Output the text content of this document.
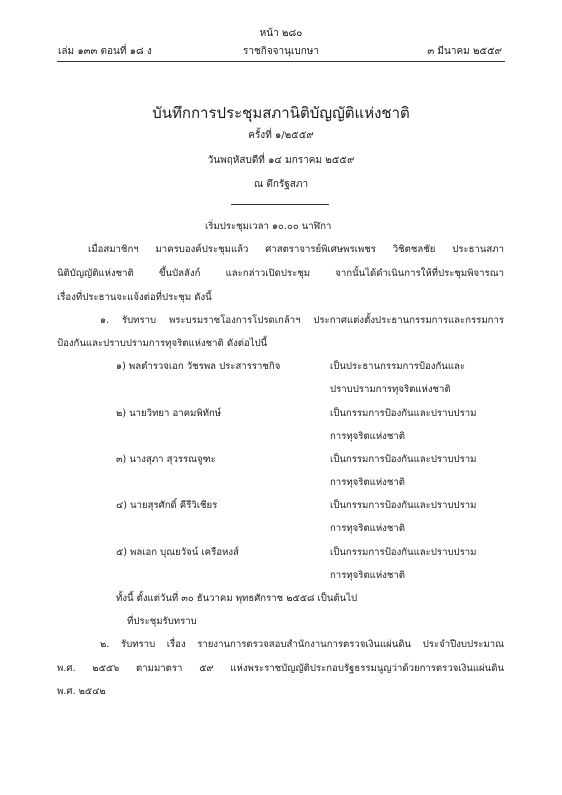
หน้า ๒๘๐
เล่ม ๑๓๓ ตอนที่ ๑๘ ง	ราชกิจจานุเบกษา	๓ มีนาคม ๒๕๕๙
บันทึกการประชุมสภานิติบัญญัติแห่งชาติ
ครั้งที่ ๑/๒๕๕๙
วันพฤหัสบดีที่ ๑๔ มกราคม ๒๕๕๙
ณ ตึกรัฐสภา
เริ่มประชุมเวลา ๑๐.๐๐ นาฬิกา
เมื่อสมาชิกฯ มาครบองค์ประชุมแล้ว ศาสตราจารย์พิเศษพรเพชร วิชิตชลชัย ประธานสภา
นิติบัญญัติแห่งชาติ ขึ้นบัลลังก์ และกล่าวเปิดประชุม จากนั้นได้ดำเนินการให้ที่ประชุมพิจารณา
เรื่องที่ประธานจะแจ้งต่อที่ประชุม ดังนี้
๑. รับทราบ พระบรมราชโองการโปรดเกล้าฯ ประกาศแต่งตั้งประธานกรรมการและกรรมการ
ป้องกันและปราบปรามการทุจริตแห่งชาติ ดังต่อไปนี้
๑) พลตำรวจเอก วัชรพล ประสารราชกิจ	เป็นประธานกรรมการป้องกันและ
ปราบปรามการทุจริตแห่งชาติ
๒) นายวิทยา อาคมพิทักษ์	เป็นกรรมการป้องกันและปราบปราม
การทุจริตแห่งชาติ
๓) นางสุภา สุวรรณจูฑะ	เป็นกรรมการป้องกันและปราบปราม
การทุจริตแห่งชาติ
๔) นายสุรศักดิ์ คีรีวิเชียร	เป็นกรรมการป้องกันและปราบปราม
การทุจริตแห่งชาติ
๕) พลเอก บุณยวัจน์ เครือหงส์	เป็นกรรมการป้องกันและปราบปราม
การทุจริตแห่งชาติ
ทั้งนี้ ตั้งแต่วันที่ ๓๐ ธันวาคม พุทธศักราช ๒๕๕๘ เป็นต้นไป
ที่ประชุมรับทราบ
๒. รับทราบ เรื่อง รายงานการตรวจสอบสำนักงานการตรวจเงินแผ่นดิน ประจำปีงบประมาณ
พ.ศ. ๒๕๕๖ ตามมาตรา ๕๙ แห่งพระราชบัญญัติประกอบรัฐธรรมนูญว่าด้วยการตรวจเงินแผ่นดิน
พ.ศ. ๒๕๔๒
